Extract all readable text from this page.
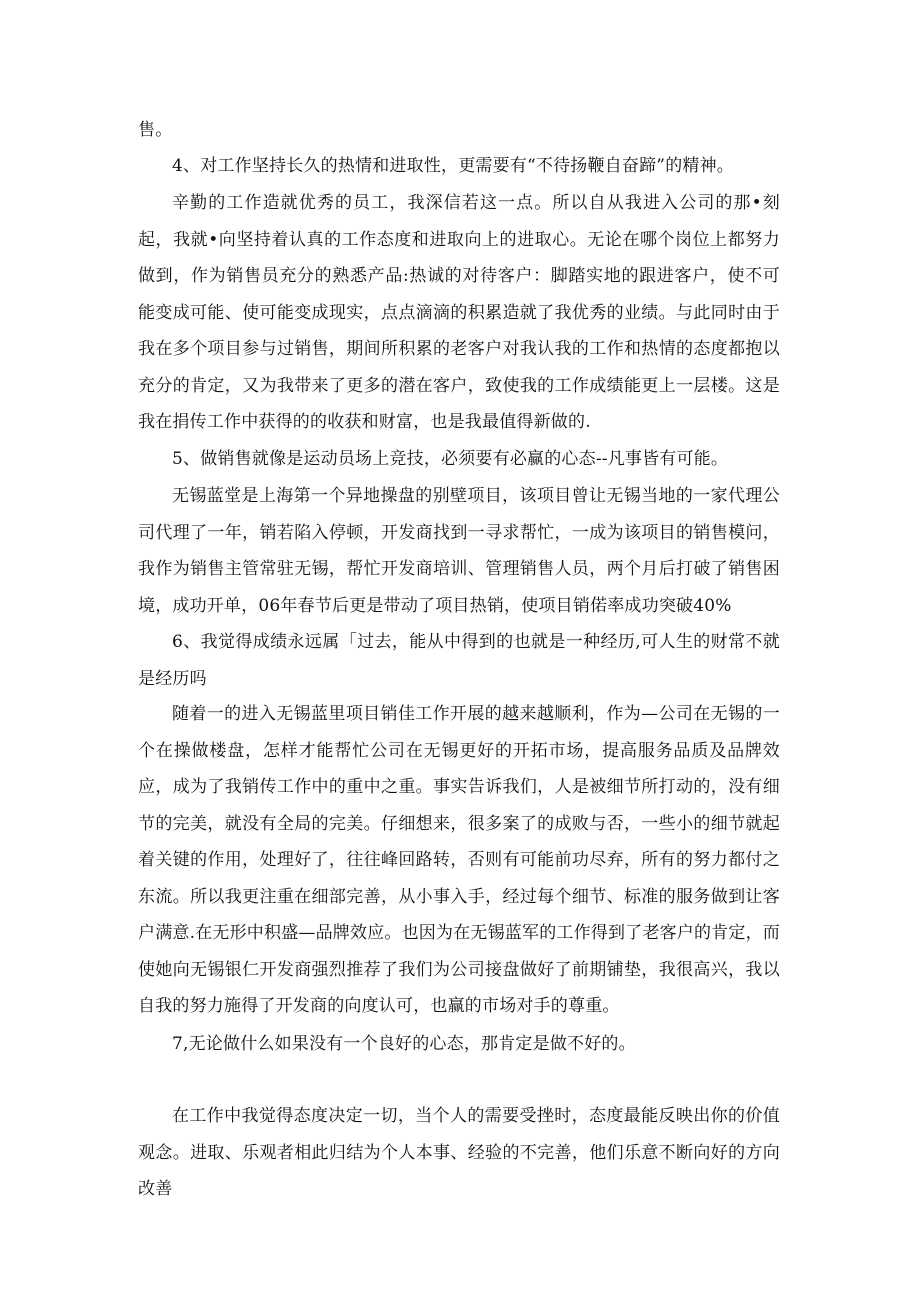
售。

4、对工作坚持长久的热情和进取性，更需要有“不待扬鞭自奋蹄”的精神。

辛勤的工作造就优秀的员工，我深信若这一点。所以自从我进入公司的那•刻起，我就•向坚持着认真的工作态度和进取向上的进取心。无论在哪个岗位上都努力做到，作为销售员充分的熟悉产品:热诚的对待客户：脚踏实地的跟进客户，使不可能变成可能、使可能变成现实，点点滴滴的积累造就了我优秀的业绩。与此同时由于我在多个项目参与过销售，期间所积累的老客户对我认我的工作和热情的态度都抱以充分的肯定，又为我带来了更多的潜在客户，致使我的工作成绩能更上一层楼。这是我在捐传工作中获得的的收获和财富，也是我最值得新做的.

5、做销售就像是运动员场上竞技，必须要有必赢的心态--凡事皆有可能。

无锡蓝堂是上海第一个异地操盘的别壁项目，该项目曾让无锡当地的一家代理公司代理了一年，销若陷入停顿，开发商找到一寻求帮忙，一成为该项目的销售模问，我作为销售主管常驻无锡，帮忙开发商培训、管理销售人员，两个月后打破了销售困境，成功开单，06年春节后更是带动了项目热销，使项目销偌率成功突破40%

6、我觉得成绩永远属「过去，能从中得到的也就是一种经历,可人生的财常不就是经历吗

随着一的进入无锡蓝里项目销佳工作开展的越来越顺利，作为—公司在无锡的一个在操做楼盘，怎样才能帮忙公司在无锡更好的开拓市场，提高服务品质及品牌效应，成为了我销传工作中的重中之重。事实告诉我们，人是被细节所打动的，没有细节的完美，就没有全局的完美。仔细想来，很多案了的成败与否，一些小的细节就起着关键的作用，处理好了，往往峰回路转，否则有可能前功尽弃，所有的努力都付之东流。所以我更注重在细部完善，从小事入手，经过每个细节、标准的服务做到让客户满意.在无形中积盛—品牌效应。也因为在无锡蓝军的工作得到了老客户的肯定，而使她向无锡银仁开发商强烈推荐了我们为公司接盘做好了前期铺垫，我很高兴，我以自我的努力施得了开发商的向度认可，也赢的市场对手的尊重。

7,无论做什么如果没有一个良好的心态，那肯定是做不好的。

在工作中我觉得态度决定一切，当个人的需要受挫时，态度最能反映出你的价值观念。进取、乐观者相此归结为个人本事、经验的不完善，他们乐意不断向好的方向改善
